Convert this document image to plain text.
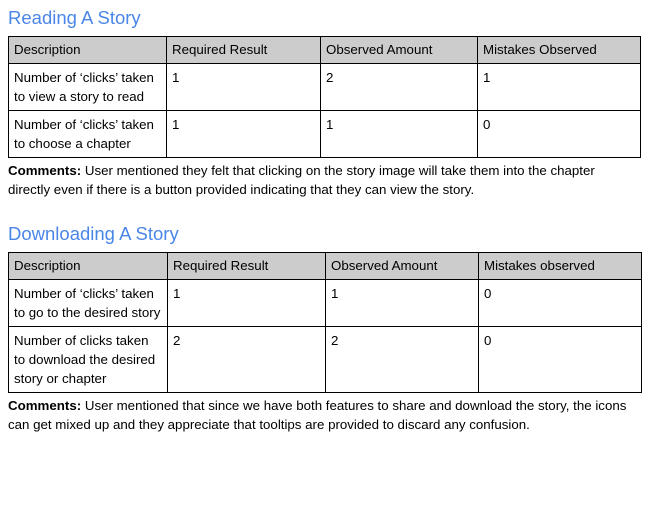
Reading A Story
Description	Required Result	Observed Amount	Mistakes Observed
Number of ‘clicks’ taken to view a story to read	1	2	1
Number of ‘clicks’ taken to choose a chapter	1	1	0

Comments: User mentioned they felt that clicking on the story image will take them into the chapter directly even if there is a button provided indicating that they can view the story.

Downloading A Story
Description	Required Result	Observed Amount	Mistakes observed
Number of ‘clicks’ taken to go to the desired story	1	1	0
Number of clicks taken to download the desired story or chapter	2	2	0

Comments: User mentioned that since we have both features to share and download the story, the icons can get mixed up and they appreciate that tooltips are provided to discard any confusion.
